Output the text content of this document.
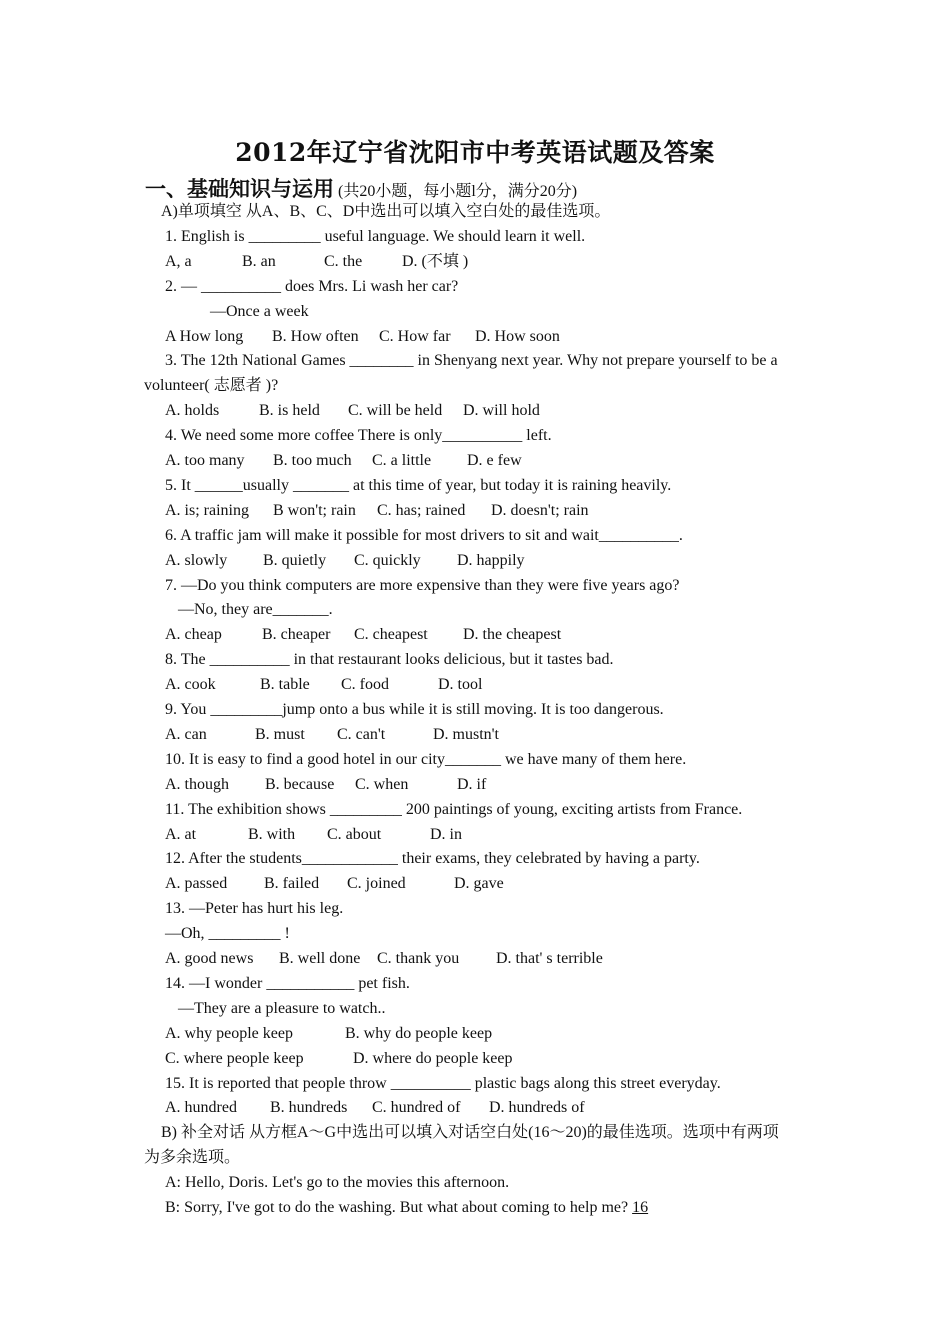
2012年辽宁省沈阳市中考英语试题及答案
一、基础知识与运用 (共20小题，每小题l分，满分20分)
A)单项填空 从A、B、C、D中选出可以填入空白处的最佳选项。
1. English is _________ useful language. We should learn it well.
A, a	B. an	C. the D. (不填 )
2. — __________ does Mrs. Li wash her car?
—Once a week
A How long B. How often C. How far D. How soon
3. The 12th National Games ________ in Shenyang next year. Why not prepare yourself to be a
volunteer( 志愿者 )?
A. holds B. is held C. will be held D. will hold
4. We need some more coffee There is only__________ left.
A. too many B. too much C. a little D. e few
5. It ______usually _______ at this time of year, but today it is raining heavily.
A. is; raining B won't; rain C. has; rained D. doesn't; rain
6. A traffic jam will make it possible for most drivers to sit and wait__________.
A. slowly B. quietly C. quickly D. happily
7. —Do you think computers are more expensive than they were five years ago?
—No, they are_______.
A. cheap	B. cheaper C. cheapest D. the cheapest
8. The __________ in that restaurant looks delicious, but it tastes bad.
A. cook	B. table C. food	D. tool
9. You _________jump onto a bus while it is still moving. It is too dangerous.
A. can	B. must C. can't	D. mustn't
10. It is easy to find a good hotel in our city_______ we have many of them here.
A. though B. because C. when	D. if
11. The exhibition shows _________ 200 paintings of young, exciting artists from France.
A. at	B. with C. about	D. in
12. After the students____________ their exams, they celebrated by having a party.
A. passed B. failed C. joined	D. gave
13. —Peter has hurt his leg.
—Oh, _________ !
A. good news B. well done C. thank you D. that' s terrible
14. —I wonder ___________ pet fish.
—They are a pleasure to watch..
A. why people keep	B. why do people keep
C. where people keep	D. where do people keep
15. It is reported that people throw __________ plastic bags along this street everyday.
A. hundred B. hundreds C. hundred of D. hundreds of
B) 补全对话 从方框A～G中选出可以填入对话空白处(16～20)的最佳选项。选项中有两项
为多余选项。
A: Hello, Doris. Let's go to the movies this afternoon.
B: Sorry, I've got to do the washing. But what about coming to help me? 16
